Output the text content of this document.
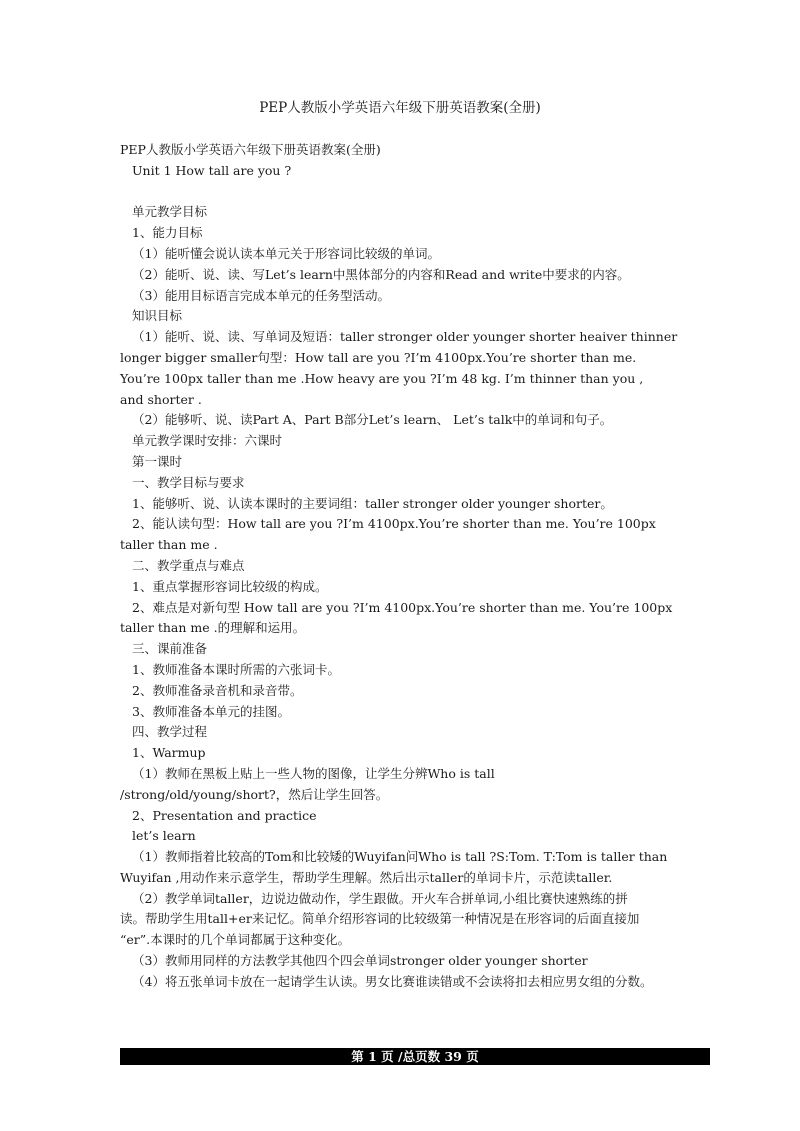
PEP人教版小学英语六年级下册英语教案(全册)
PEP人教版小学英语六年级下册英语教案(全册)
Unit 1 How tall are you ?
单元教学目标
1、能力目标
（1）能听懂会说认读本单元关于形容词比较级的单词。
（2）能听、说、读、写Let’s learn中黑体部分的内容和Read and write中要求的内容。
（3）能用目标语言完成本单元的任务型活动。
知识目标
（1）能听、说、读、写单词及短语：taller stronger older younger shorter heaiver thinner
longer bigger smaller句型：How tall are you ?I’m 4100px.You’re shorter than me.
You’re 100px taller than me .How heavy are you ?I’m 48 kg. I’m thinner than you ,
and shorter .
（2）能够听、说、读Part A、Part B部分Let’s learn、 Let’s talk中的单词和句子。
单元教学课时安排：六课时
第一课时
一、教学目标与要求
1、能够听、说、认读本课时的主要词组：taller stronger older younger shorter。
2、能认读句型：How tall are you ?I’m 4100px.You’re shorter than me. You’re 100px
taller than me .
二、教学重点与难点
1、重点掌握形容词比较级的构成。
2、难点是对新句型 How tall are you ?I’m 4100px.You’re shorter than me. You’re 100px
taller than me .的理解和运用。
三、课前准备
1、教师准备本课时所需的六张词卡。
2、教师准备录音机和录音带。
3、教师准备本单元的挂图。
四、教学过程
1、Warmup
（1）教师在黑板上贴上一些人物的图像，让学生分辨Who is tall
/strong/old/young/short?，然后让学生回答。
2、Presentation and practice
let’s learn
（1）教师指着比较高的Tom和比较矮的Wuyifan问Who is tall ?S:Tom. T:Tom is taller than
Wuyifan ,用动作来示意学生，帮助学生理解。然后出示taller的单词卡片，示范读taller.
（2）教学单词taller，边说边做动作，学生跟做。开火车合拼单词,小组比赛快速熟练的拼
读。帮助学生用tall+er来记忆。简单介绍形容词的比较级第一种情况是在形容词的后面直接加
“er”.本课时的几个单词都属于这种变化。
（3）教师用同样的方法教学其他四个四会单词stronger older younger shorter
（4）将五张单词卡放在一起请学生认读。男女比赛谁读错或不会读将扣去相应男女组的分数。
第 1 页 /总页数 39 页
